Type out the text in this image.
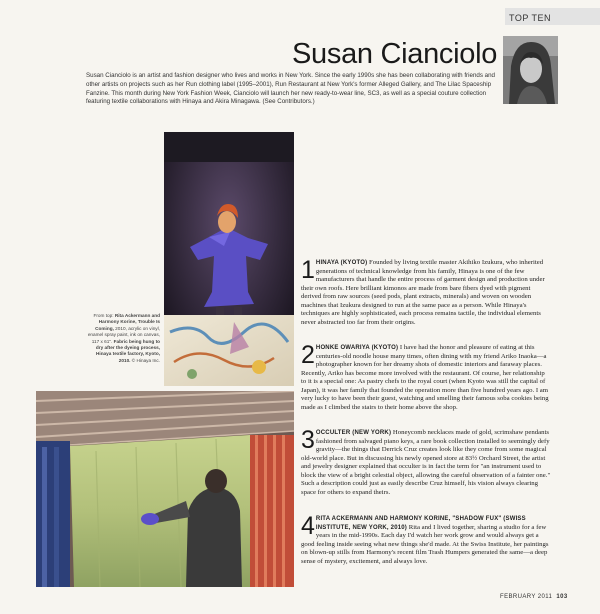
TOP TEN
Susan Cianciolo

Susan Cianciolo is an artist and fashion designer who lives and works in New York. Since the early 1990s she has been collaborating with friends and other artists on projects such as her Run clothing label (1995–2001), Run Restaurant at New York's former Alleged Gallery, and The Lilac Spaceship Fanzine. This month during New York Fashion Week, Cianciolo will launch her new ready-to-wear line, SC3, as well as a special couture collection featuring textile collaborations with Hinaya and Akira Minagawa. (See Contributors.)

From top: Rita Ackermann and Harmony Korine, Trouble Is Coming, 2010, acrylic on vinyl, enamel spray paint, ink on canvas, 117 x 61". Fabric being hung to dry after the dyeing process, Hinaya textile factory, Kyoto, 2010. © Hinaya Inc.

1 HINAYA (KYOTO) Founded by living textile master Akihiko Izukura, who inherited generations of technical knowledge from his family, Hinaya is one of the few manufacturers that handle the entire process of garment design and production under their own roofs. Here brilliant kimonos are made from bare fibers dyed with pigment derived from raw sources (seed pods, plant extracts, minerals) and woven on wooden machines that Izukura designed to run at the same pace as a person. While Hinaya's techniques are highly sophisticated, each process remains tactile, the individual elements never abstracted too far from their origins.
2 HONKE OWARIYA (KYOTO) I have had the honor and pleasure of eating at this centuries-old noodle house many times, often dining with my friend Ariko Inaoka—a photographer known for her dreamy shots of domestic interiors and faraway places. Recently, Ariko has become more involved with the restaurant. Of course, her relationship to it is a special one: As pastry chefs to the royal court (when Kyoto was still the capital of Japan), it was her family that founded the operation more than five hundred years ago. I am very lucky to have been their guest, watching and smelling their famous soba cookies being made as I climbed the stairs to their home above the shop.
3 OCCULTER (NEW YORK) Honeycomb necklaces made of gold, scrimshaw pendants fashioned from salvaged piano keys, a rare book collection installed to seemingly defy gravity—the things that Derrick Cruz creates look like they come from some magical old-world place. But in discussing his newly opened store at 83½ Orchard Street, the artist and jewelry designer explained that occulter is in fact the term for "an instrument used to block the view of a bright celestial object, allowing the careful observation of a fainter one." Such a description could just as easily describe Cruz himself, his vision always clearing space for others to expand theirs.
4 RITA ACKERMANN AND HARMONY KORINE, "SHADOW FUX" (SWISS INSTITUTE, NEW YORK, 2010) Rita and I lived together, sharing a studio for a few years in the mid-1990s. Each day I'd watch her work grow and would always get a good feeling inside seeing what new things she'd made. At the Swiss Institute, her paintings on blown-up stills from Harmony's recent film Trash Humpers generated the same—a deep sense of mystery, excitement, and always love.
FEBRUARY 2011 103
